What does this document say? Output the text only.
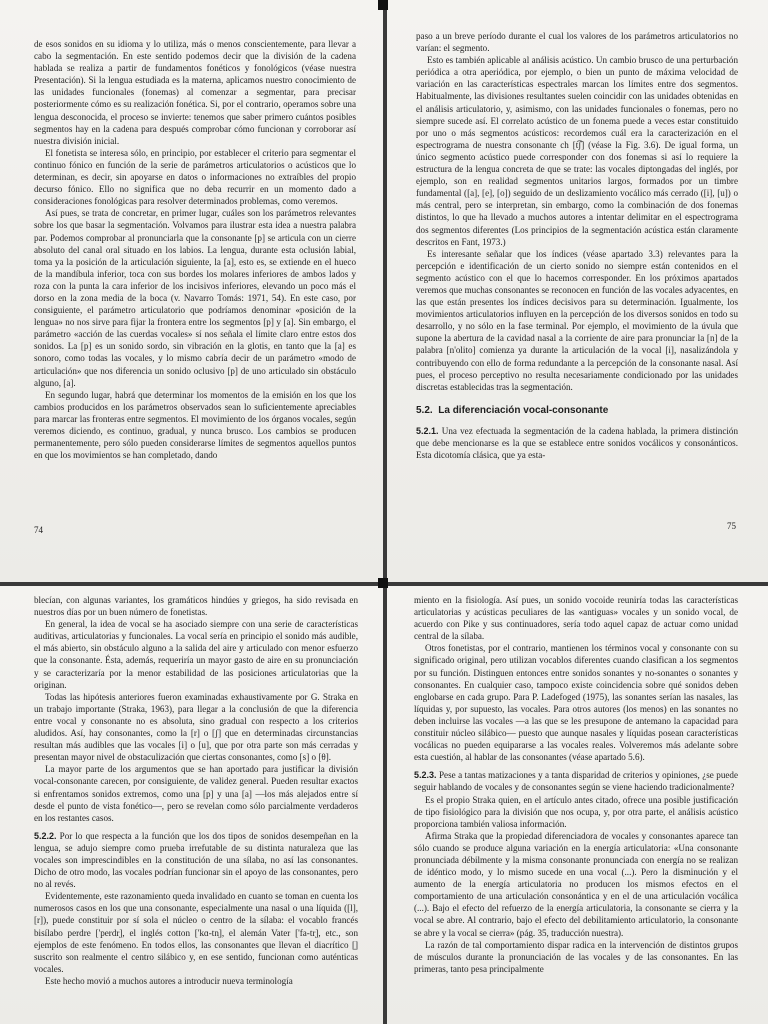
de esos sonidos en su idioma y lo utiliza, más o menos conscientemente, para llevar a cabo la segmentación. En este sentido podemos decir que la división de la cadena hablada se realiza a partir de fundamentos fonéticos y fonológicos (véase nuestra Presentación). Si la lengua estudiada es la materna, aplicamos nuestro conocimiento de las unidades funcionales (fonemas) al comenzar a segmentar, para precisar posteriormente cómo es su realización fonética. Si, por el contrario, operamos sobre una lengua desconocida, el proceso se invierte: tenemos que saber primero cuántos posibles segmentos hay en la cadena para después comprobar cómo funcionan y corroborar así nuestra división inicial.

El fonetista se interesa sólo, en principio, por establecer el criterio para segmentar el continuo fónico en función de la serie de parámetros articulatorios o acústicos que lo determinan, es decir, sin apoyarse en datos o informaciones no extraíbles del propio decurso fónico. Ello no significa que no deba recurrir en un momento dado a consideraciones fonológicas para resolver determinados problemas, como veremos.

Así pues, se trata de concretar, en primer lugar, cuáles son los parámetros relevantes sobre los que basar la segmentación. Volvamos para ilustrar esta idea a nuestra palabra par. Podemos comprobar al pronunciarla que la consonante [p] se articula con un cierre absoluto del canal oral situado en los labios. La lengua, durante esta oclusión labial, toma ya la posición de la articulación siguiente, la [a], esto es, se extiende en el hueco de la mandíbula inferior, toca con sus bordes los molares inferiores de ambos lados y roza con la punta la cara inferior de los incisivos inferiores, elevando un poco más el dorso en la zona media de la boca (v. Navarro Tomás: 1971, 54). En este caso, por consiguiente, el parámetro articulatorio que podríamos denominar «posición de la lengua» no nos sirve para fijar la frontera entre los segmentos [p] y [a]. Sin embargo, el parámetro «acción de las cuerdas vocales» sí nos señala el límite claro entre estos dos sonidos. La [p] es un sonido sordo, sin vibración en la glotis, en tanto que la [a] es sonoro, como todas las vocales, y lo mismo cabría decir de un parámetro «modo de articulación» que nos diferencia un sonido oclusivo [p] de uno articulado sin obstáculo alguno, [a].

En segundo lugar, habrá que determinar los momentos de la emisión en los que los cambios producidos en los parámetros observados sean lo suficientemente apreciables para marcar las fronteras entre segmentos. El movimiento de los órganos vocales, según veremos diciendo, es continuo, gradual, y nunca brusco. Los cambios se producen permanentemente, pero sólo pueden considerarse límites de segmentos aquellos puntos en que los movimientos se han completado, dando

74

paso a un breve período durante el cual los valores de los parámetros articulatorios no varían: el segmento.

Esto es también aplicable al análisis acústico. Un cambio brusco de una perturbación periódica a otra aperiódica, por ejemplo, o bien un punto de máxima velocidad de variación en las características espectrales marcan los límites entre dos segmentos. Habitualmente, las divisiones resultantes suelen coincidir con las unidades obtenidas en el análisis articulatorio, y, asimismo, con las unidades funcionales o fonemas, pero no siempre sucede así. El correlato acústico de un fonema puede a veces estar constituido por uno o más segmentos acústicos: recordemos cuál era la caracterización en el espectrograma de nuestra consonante ch [t͡ʃ] (véase la Fig. 3.6). De igual forma, un único segmento acústico puede corresponder con dos fonemas si así lo requiere la estructura de la lengua concreta de que se trate: las vocales diptongadas del inglés, por ejemplo, son en realidad segmentos unitarios largos, formados por un timbre fundamental ([a], [e], [o]) seguido de un deslizamiento vocálico más cerrado ([i], [u]) o más central, pero se interpretan, sin embargo, como la combinación de dos fonemas distintos, lo que ha llevado a muchos autores a intentar delimitar en el espectrograma dos segmentos diferentes (Los principios de la segmentación acústica están claramente descritos en Fant, 1973.)

Es interesante señalar que los índices (véase apartado 3.3) relevantes para la percepción e identificación de un cierto sonido no siempre están contenidos en el segmento acústico con el que lo hacemos corresponder. En los próximos apartados veremos que muchas consonantes se reconocen en función de las vocales adyacentes, en las que están presentes los índices decisivos para su determinación. Igualmente, los movimientos articulatorios influyen en la percepción de los diversos sonidos en todo su desarrollo, y no sólo en la fase terminal. Por ejemplo, el movimiento de la úvula que supone la abertura de la cavidad nasal a la corriente de aire para pronunciar la [n] de la palabra [n'olito] comienza ya durante la articulación de la vocal [i], nasalizándola y contribuyendo con ello de forma redundante a la percepción de la consonante nasal. Así pues, el proceso perceptivo no resulta necesariamente condicionado por las unidades discretas establecidas tras la segmentación.

5.2. La diferenciación vocal-consonante

5.2.1. Una vez efectuada la segmentación de la cadena hablada, la primera distinción que debe mencionarse es la que se establece entre sonidos vocálicos y consonánticos. Esta dicotomía clásica, que ya esta-

75

blecían, con algunas variantes, los gramáticos hindúes y griegos, ha sido revisada en nuestros días por un buen número de fonetistas.

En general, la idea de vocal se ha asociado siempre con una serie de características auditivas, articulatorias y funcionales. La vocal sería en principio el sonido más audible, el más abierto, sin obstáculo alguno a la salida del aire y articulado con menor esfuerzo que la consonante. Ésta, además, requeriría un mayor gasto de aire en su pronunciación y se caracterizaría por la menor estabilidad de las posiciones articulatorias que la originan.

Todas las hipótesis anteriores fueron examinadas exhaustivamente por G. Straka en un trabajo importante (Straka, 1963), para llegar a la conclusión de que la diferencia entre vocal y consonante no es absoluta, sino gradual con respecto a los criterios aludidos. Así, hay consonantes, como la [r] o [ʃ] que en determinadas circunstancias resultan más audibles que las vocales [i] o [u], que por otra parte son más cerradas y presentan mayor nivel de obstaculización que ciertas consonantes, como [s] o [θ].

La mayor parte de los argumentos que se han aportado para justificar la división vocal-consonante carecen, por consiguiente, de validez general. Pueden resultar exactos si enfrentamos sonidos extremos, como una [p] y una [a] —los más alejados entre sí desde el punto de vista fonético—, pero se revelan como sólo parcialmente verdaderos en los restantes casos.

5.2.2. Por lo que respecta a la función que los dos tipos de sonidos desempeñan en la lengua, se adujo siempre como prueba irrefutable de su distinta naturaleza que las vocales son imprescindibles en la constitución de una sílaba, no así las consonantes. Dicho de otro modo, las vocales podrían funcionar sin el apoyo de las consonantes, pero no al revés.

Evidentemente, este razonamiento queda invalidado en cuanto se toman en cuenta los numerosos casos en los que una consonante, especialmente una nasal o una líquida ([l], [r]), puede constituir por sí sola el núcleo o centro de la sílaba: el vocablo francés bisílabo perdre ['perdr̩], el inglés cotton ['kɑ-tn̩], el alemán Vater ['fa-tr̩], etc., son ejemplos de este fenómeno. En todos ellos, las consonantes que llevan el diacrítico [̩] suscrito son realmente el centro silábico y, en ese sentido, funcionan como auténticas vocales.

Este hecho movió a muchos autores a introducir nueva terminología

miento en la fisiología. Así pues, un sonido vocoide reuniría todas las características articulatorias y acústicas peculiares de las «antiguas» vocales y un sonido vocal, de acuerdo con Pike y sus continuadores, sería todo aquel capaz de actuar como unidad central de la sílaba.

Otros fonetistas, por el contrario, mantienen los términos vocal y consonante con su significado original, pero utilizan vocablos diferentes cuando clasifican a los segmentos por su función. Distinguen entonces entre sonidos sonantes y no-sonantes o sonantes y consonantes. En cualquier caso, tampoco existe coincidencia sobre qué sonidos deben englobarse en cada grupo. Para P. Ladefoged (1975), las sonantes serían las nasales, las líquidas y, por supuesto, las vocales. Para otros autores (los menos) en las sonantes no deben incluirse las vocales —a las que se les presupone de antemano la capacidad para constituir núcleo silábico— puesto que aunque nasales y líquidas posean características vocálicas no pueden equipararse a las vocales reales. Volveremos más adelante sobre esta cuestión, al hablar de las consonantes (véase apartado 5.6).

5.2.3. Pese a tantas matizaciones y a tanta disparidad de criterios y opiniones, ¿se puede seguir hablando de vocales y de consonantes según se viene haciendo tradicionalmente?

Es el propio Straka quien, en el artículo antes citado, ofrece una posible justificación de tipo fisiológico para la división que nos ocupa, y, por otra parte, el análisis acústico proporciona también valiosa información.

Afirma Straka que la propiedad diferenciadora de vocales y consonantes aparece tan sólo cuando se produce alguna variación en la energía articulatoria: «Una consonante pronunciada débilmente y la misma consonante pronunciada con energía no se realizan de idéntico modo, y lo mismo sucede en una vocal (...). Pero la disminución y el aumento de la energía articulatoria no producen los mismos efectos en el comportamiento de una articulación consonántica y en el de una articulación vocálica (...). Bajo el efecto del refuerzo de la energía articulatoria, la consonante se cierra y la vocal se abre. Al contrario, bajo el efecto del debilitamiento articulatorio, la consonante se abre y la vocal se cierra» (pág. 35, traducción nuestra).

La razón de tal comportamiento dispar radica en la intervención de distintos grupos de músculos durante la pronunciación de las vocales y de las consonantes. En las primeras, tanto pesa principalmente
